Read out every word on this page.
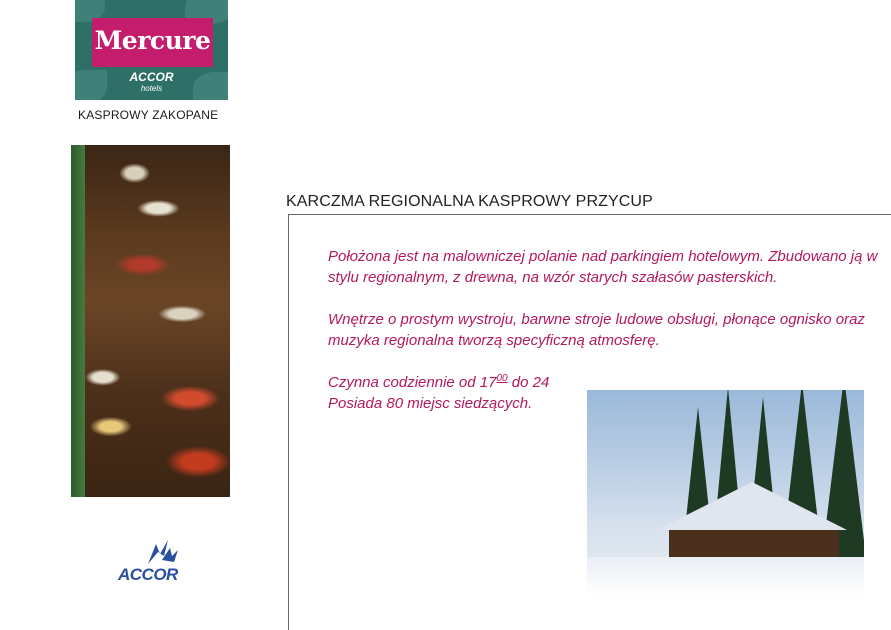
Mercure
ACCOR
hotels
KASPROWY ZAKOPANE
ACCOR
KARCZMA REGIONALNA KASPROWY PRZYCUP

Położona jest na malowniczej polanie nad parkingiem hotelowym. Zbudowano ją w stylu regionalnym, z drewna, na wzór starych szałasów pasterskich.

Wnętrze o prostym wystroju, barwne stroje ludowe obsługi, płonące ognisko oraz muzyka regionalna tworzą specyficzną atmosferę.

Czynna codziennie od $17^{00}$ do 24
Posiada 80 miejsc siedzących.
